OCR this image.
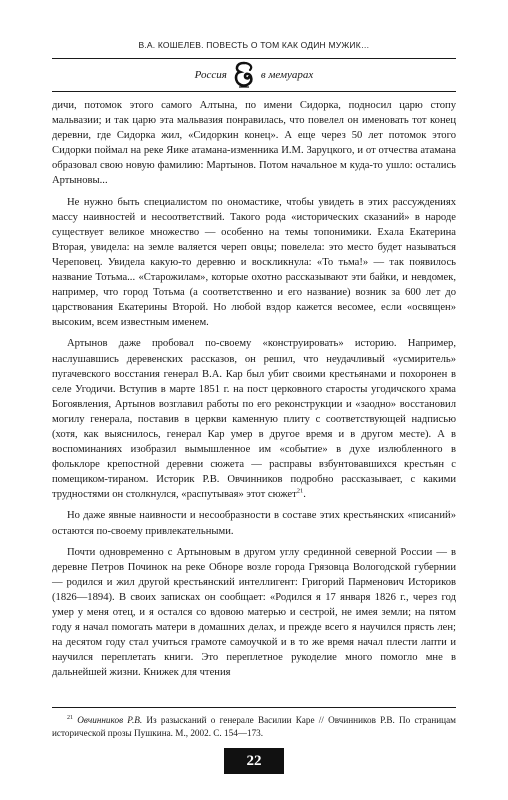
В.А. КОШЕЛЕВ. ПОВЕСТЬ О ТОМ КАК ОДИН МУЖИК…
Россия	в мемуарах

дичи, потомок этого самого Алтына, по имени Сидорка, подносил царю стопу мальвазии; и так царю эта мальвазия понравилась, что повелел он именовать тот конец деревни, где Сидорка жил, «Сидоркин конец». А еще через 50 лет потомок этого Сидорки поймал на реке Яике атамана-изменника И.М. Заруцкого, и от отчества атамана образовал свою новую фамилию: Мартынов. Потом начальное м куда-то ушло: остались Артыновы...

Не нужно быть специалистом по ономастике, чтобы увидеть в этих рассуждениях массу наивностей и несоответствий. Такого рода «исторических сказаний» в народе существует великое множество — особенно на темы топонимики. Ехала Екатерина Вторая, увидела: на земле валяется череп овцы; повелела: это место будет называться Череповец. Увидела какую-то деревню и воскликнула: «То тьма!» — так появилось название Тотьма... «Старожилам», которые охотно рассказывают эти байки, и невдомек, например, что город Тотьма (а соответственно и его название) возник за 600 лет до царствования Екатерины Второй. Но любой вздор кажется весомее, если «освящен» высоким, всем известным именем.

Артынов даже пробовал по-своему «конструировать» историю. Например, наслушавшись деревенских рассказов, он решил, что неудачливый «усмиритель» пугачевского восстания генерал В.А. Кар был убит своими крестьянами и похоронен в селе Угодичи. Вступив в марте 1851 г. на пост церковного старосты угодичского храма Богоявления, Артынов возглавил работы по его реконструкции и «заодно» восстановил могилу генерала, поставив в церкви каменную плиту с соответствующей надписью (хотя, как выяснилось, генерал Кар умер в другое время и в другом месте). А в воспоминаниях изобразил вымышленное им «событие» в духе излюбленного в фольклоре крепостной деревни сюжета — расправы взбунтовавшихся крестьян с помещиком-тираном. Историк Р.В. Овчинников подробно рассказывает, с какими трудностями он столкнулся, «распутывая» этот сюжет$^{21}$.

Но даже явные наивности и несообразности в составе этих крестьянских «писаний» остаются по-своему привлекательными.

Почти одновременно с Артыновым в другом углу срединной северной России — в деревне Петров Починок на реке Обноре возле города Грязовца Вологодской губернии — родился и жил другой крестьянский интеллигент: Григорий Парменович Историков (1826—1894). В своих записках он сообщает: «Родился я 17 января 1826 г., через год умер у меня отец, и я остался со вдовою матерью и сестрой, не имея земли; на пятом году я начал помогать матери в домашних делах, и прежде всего я научился прясть лен; на десятом году стал учиться грамоте самоучкой и в то же время начал плести лапти и научился переплетать книги. Это переплетное рукоделие много помогло мне в дальнейшей жизни. Книжек для чтения

$^{21}$ Овчинников Р.В. Из разысканий о генерале Василии Каре // Овчинников Р.В. По страницам исторической прозы Пушкина. М., 2002. С. 154—173.
22
